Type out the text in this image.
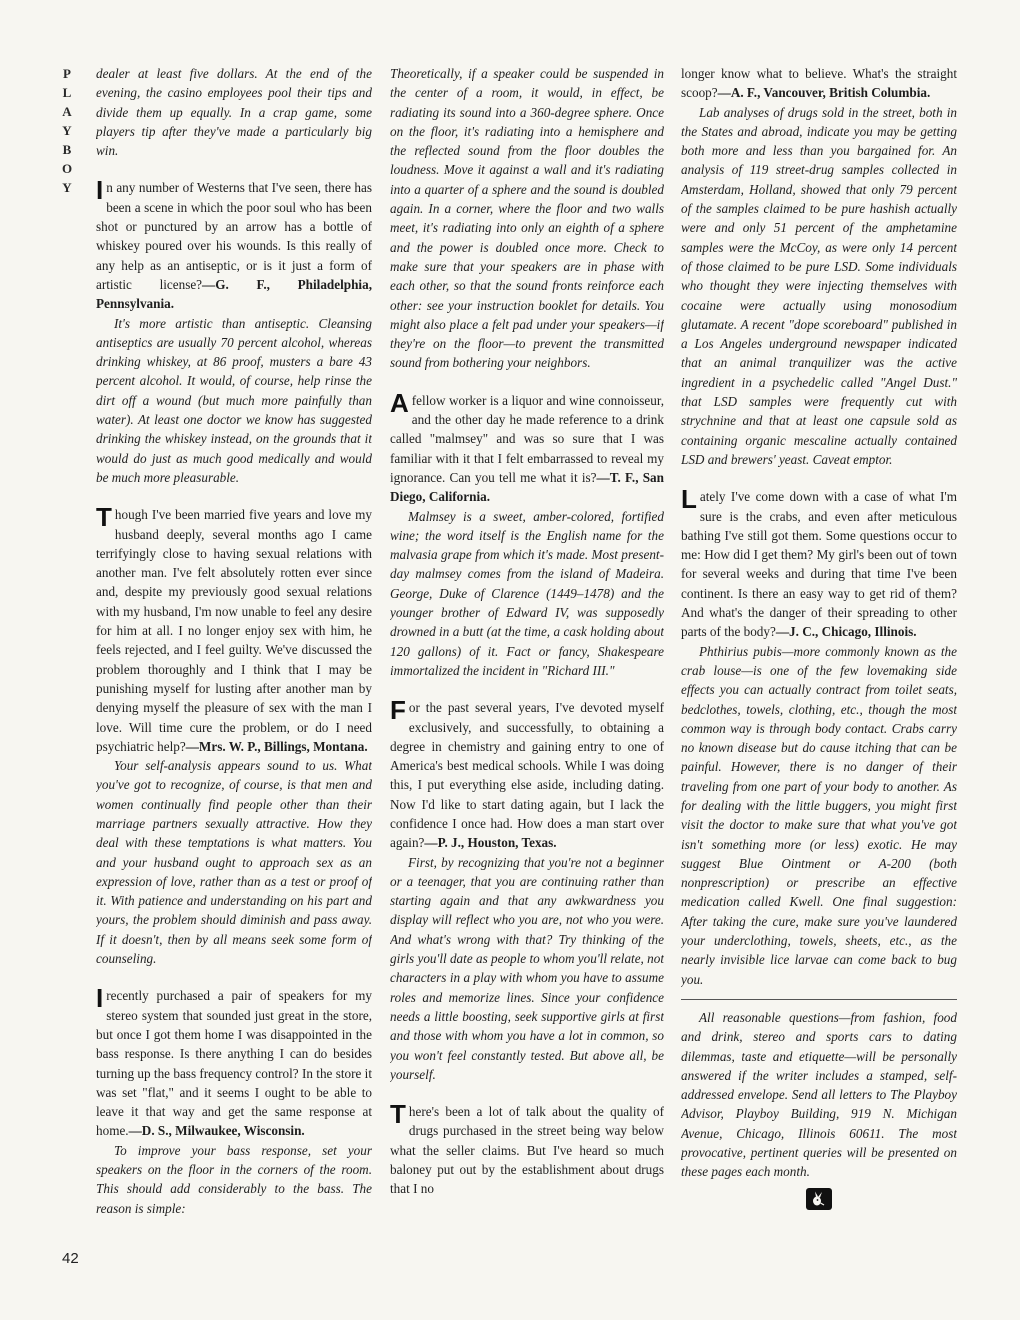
P
L
A
Y
B
O
Y
42

dealer at least five dollars. At the end of the evening, the casino employees pool their tips and divide them up equally. In a crap game, some players tip after they've made a particularly big win.

In any number of Westerns that I've seen, there has been a scene in which the poor soul who has been shot or punctured by an arrow has a bottle of whiskey poured over his wounds. Is this really of any help as an antiseptic, or is it just a form of artistic license?—G. F., Philadelphia, Pennsylvania.

It's more artistic than antiseptic. Cleansing antiseptics are usually 70 percent alcohol, whereas drinking whiskey, at 86 proof, musters a bare 43 percent alcohol. It would, of course, help rinse the dirt off a wound (but much more painfully than water). At least one doctor we know has suggested drinking the whiskey instead, on the grounds that it would do just as much good medically and would be much more pleasurable.

Though I've been married five years and love my husband deeply, several months ago I came terrifyingly close to having sexual relations with another man. I've felt absolutely rotten ever since and, despite my previously good sexual relations with my husband, I'm now unable to feel any desire for him at all. I no longer enjoy sex with him, he feels rejected, and I feel guilty. We've discussed the problem thoroughly and I think that I may be punishing myself for lusting after another man by denying myself the pleasure of sex with the man I love. Will time cure the problem, or do I need psychiatric help?—Mrs. W. P., Billings, Montana.

Your self-analysis appears sound to us. What you've got to recognize, of course, is that men and women continually find people other than their marriage partners sexually attractive. How they deal with these temptations is what matters. You and your husband ought to approach sex as an expression of love, rather than as a test or proof of it. With patience and understanding on his part and yours, the problem should diminish and pass away. If it doesn't, then by all means seek some form of counseling.

I recently purchased a pair of speakers for my stereo system that sounded just great in the store, but once I got them home I was disappointed in the bass response. Is there anything I can do besides turning up the bass frequency control? In the store it was set "flat," and it seems I ought to be able to leave it that way and get the same response at home.—D. S., Milwaukee, Wisconsin.

To improve your bass response, set your speakers on the floor in the corners of the room. This should add considerably to the bass. The reason is simple:

Theoretically, if a speaker could be suspended in the center of a room, it would, in effect, be radiating its sound into a 360-degree sphere. Once on the floor, it's radiating into a hemisphere and the reflected sound from the floor doubles the loudness. Move it against a wall and it's radiating into a quarter of a sphere and the sound is doubled again. In a corner, where the floor and two walls meet, it's radiating into only an eighth of a sphere and the power is doubled once more. Check to make sure that your speakers are in phase with each other, so that the sound fronts reinforce each other: see your instruction booklet for details. You might also place a felt pad under your speakers—if they're on the floor—to prevent the transmitted sound from bothering your neighbors.

A fellow worker is a liquor and wine connoisseur, and the other day he made reference to a drink called "malmsey" and was so sure that I was familiar with it that I felt embarrassed to reveal my ignorance. Can you tell me what it is?—T. F., San Diego, California.

Malmsey is a sweet, amber-colored, fortified wine; the word itself is the English name for the malvasia grape from which it's made. Most present-day malmsey comes from the island of Madeira. George, Duke of Clarence (1449–1478) and the younger brother of Edward IV, was supposedly drowned in a butt (at the time, a cask holding about 120 gallons) of it. Fact or fancy, Shakespeare immortalized the incident in "Richard III."

For the past several years, I've devoted myself exclusively, and successfully, to obtaining a degree in chemistry and gaining entry to one of America's best medical schools. While I was doing this, I put everything else aside, including dating. Now I'd like to start dating again, but I lack the confidence I once had. How does a man start over again?—P. J., Houston, Texas.

First, by recognizing that you're not a beginner or a teenager, that you are continuing rather than starting again and that any awkwardness you display will reflect who you are, not who you were. And what's wrong with that? Try thinking of the girls you'll date as people to whom you'll relate, not characters in a play with whom you have to assume roles and memorize lines. Since your confidence needs a little boosting, seek supportive girls at first and those with whom you have a lot in common, so you won't feel constantly tested. But above all, be yourself.

There's been a lot of talk about the quality of drugs purchased in the street being way below what the seller claims. But I've heard so much baloney put out by the establishment about drugs that I no

longer know what to believe. What's the straight scoop?—A. F., Vancouver, British Columbia.

Lab analyses of drugs sold in the street, both in the States and abroad, indicate you may be getting both more and less than you bargained for. An analysis of 119 street-drug samples collected in Amsterdam, Holland, showed that only 79 percent of the samples claimed to be pure hashish actually were and only 51 percent of the amphetamine samples were the McCoy, as were only 14 percent of those claimed to be pure LSD. Some individuals who thought they were injecting themselves with cocaine were actually using monosodium glutamate. A recent "dope scoreboard" published in a Los Angeles underground newspaper indicated that an animal tranquilizer was the active ingredient in a psychedelic called "Angel Dust." that LSD samples were frequently cut with strychnine and that at least one capsule sold as containing organic mescaline actually contained LSD and brewers' yeast. Caveat emptor.

Lately I've come down with a case of what I'm sure is the crabs, and even after meticulous bathing I've still got them. Some questions occur to me: How did I get them? My girl's been out of town for several weeks and during that time I've been continent. Is there an easy way to get rid of them? And what's the danger of their spreading to other parts of the body?—J. C., Chicago, Illinois.

Phthirius pubis—more commonly known as the crab louse—is one of the few lovemaking side effects you can actually contract from toilet seats, bedclothes, towels, clothing, etc., though the most common way is through body contact. Crabs carry no known disease but do cause itching that can be painful. However, there is no danger of their traveling from one part of your body to another. As for dealing with the little buggers, you might first visit the doctor to make sure that what you've got isn't something more (or less) exotic. He may suggest Blue Ointment or A-200 (both nonprescription) or prescribe an effective medication called Kwell. One final suggestion: After taking the cure, make sure you've laundered your underclothing, towels, sheets, etc., as the nearly invisible lice larvae can come back to bug you.

All reasonable questions—from fashion, food and drink, stereo and sports cars to dating dilemmas, taste and etiquette—will be personally answered if the writer includes a stamped, self-addressed envelope. Send all letters to The Playboy Advisor, Playboy Building, 919 N. Michigan Avenue, Chicago, Illinois 60611. The most provocative, pertinent queries will be presented on these pages each month.
